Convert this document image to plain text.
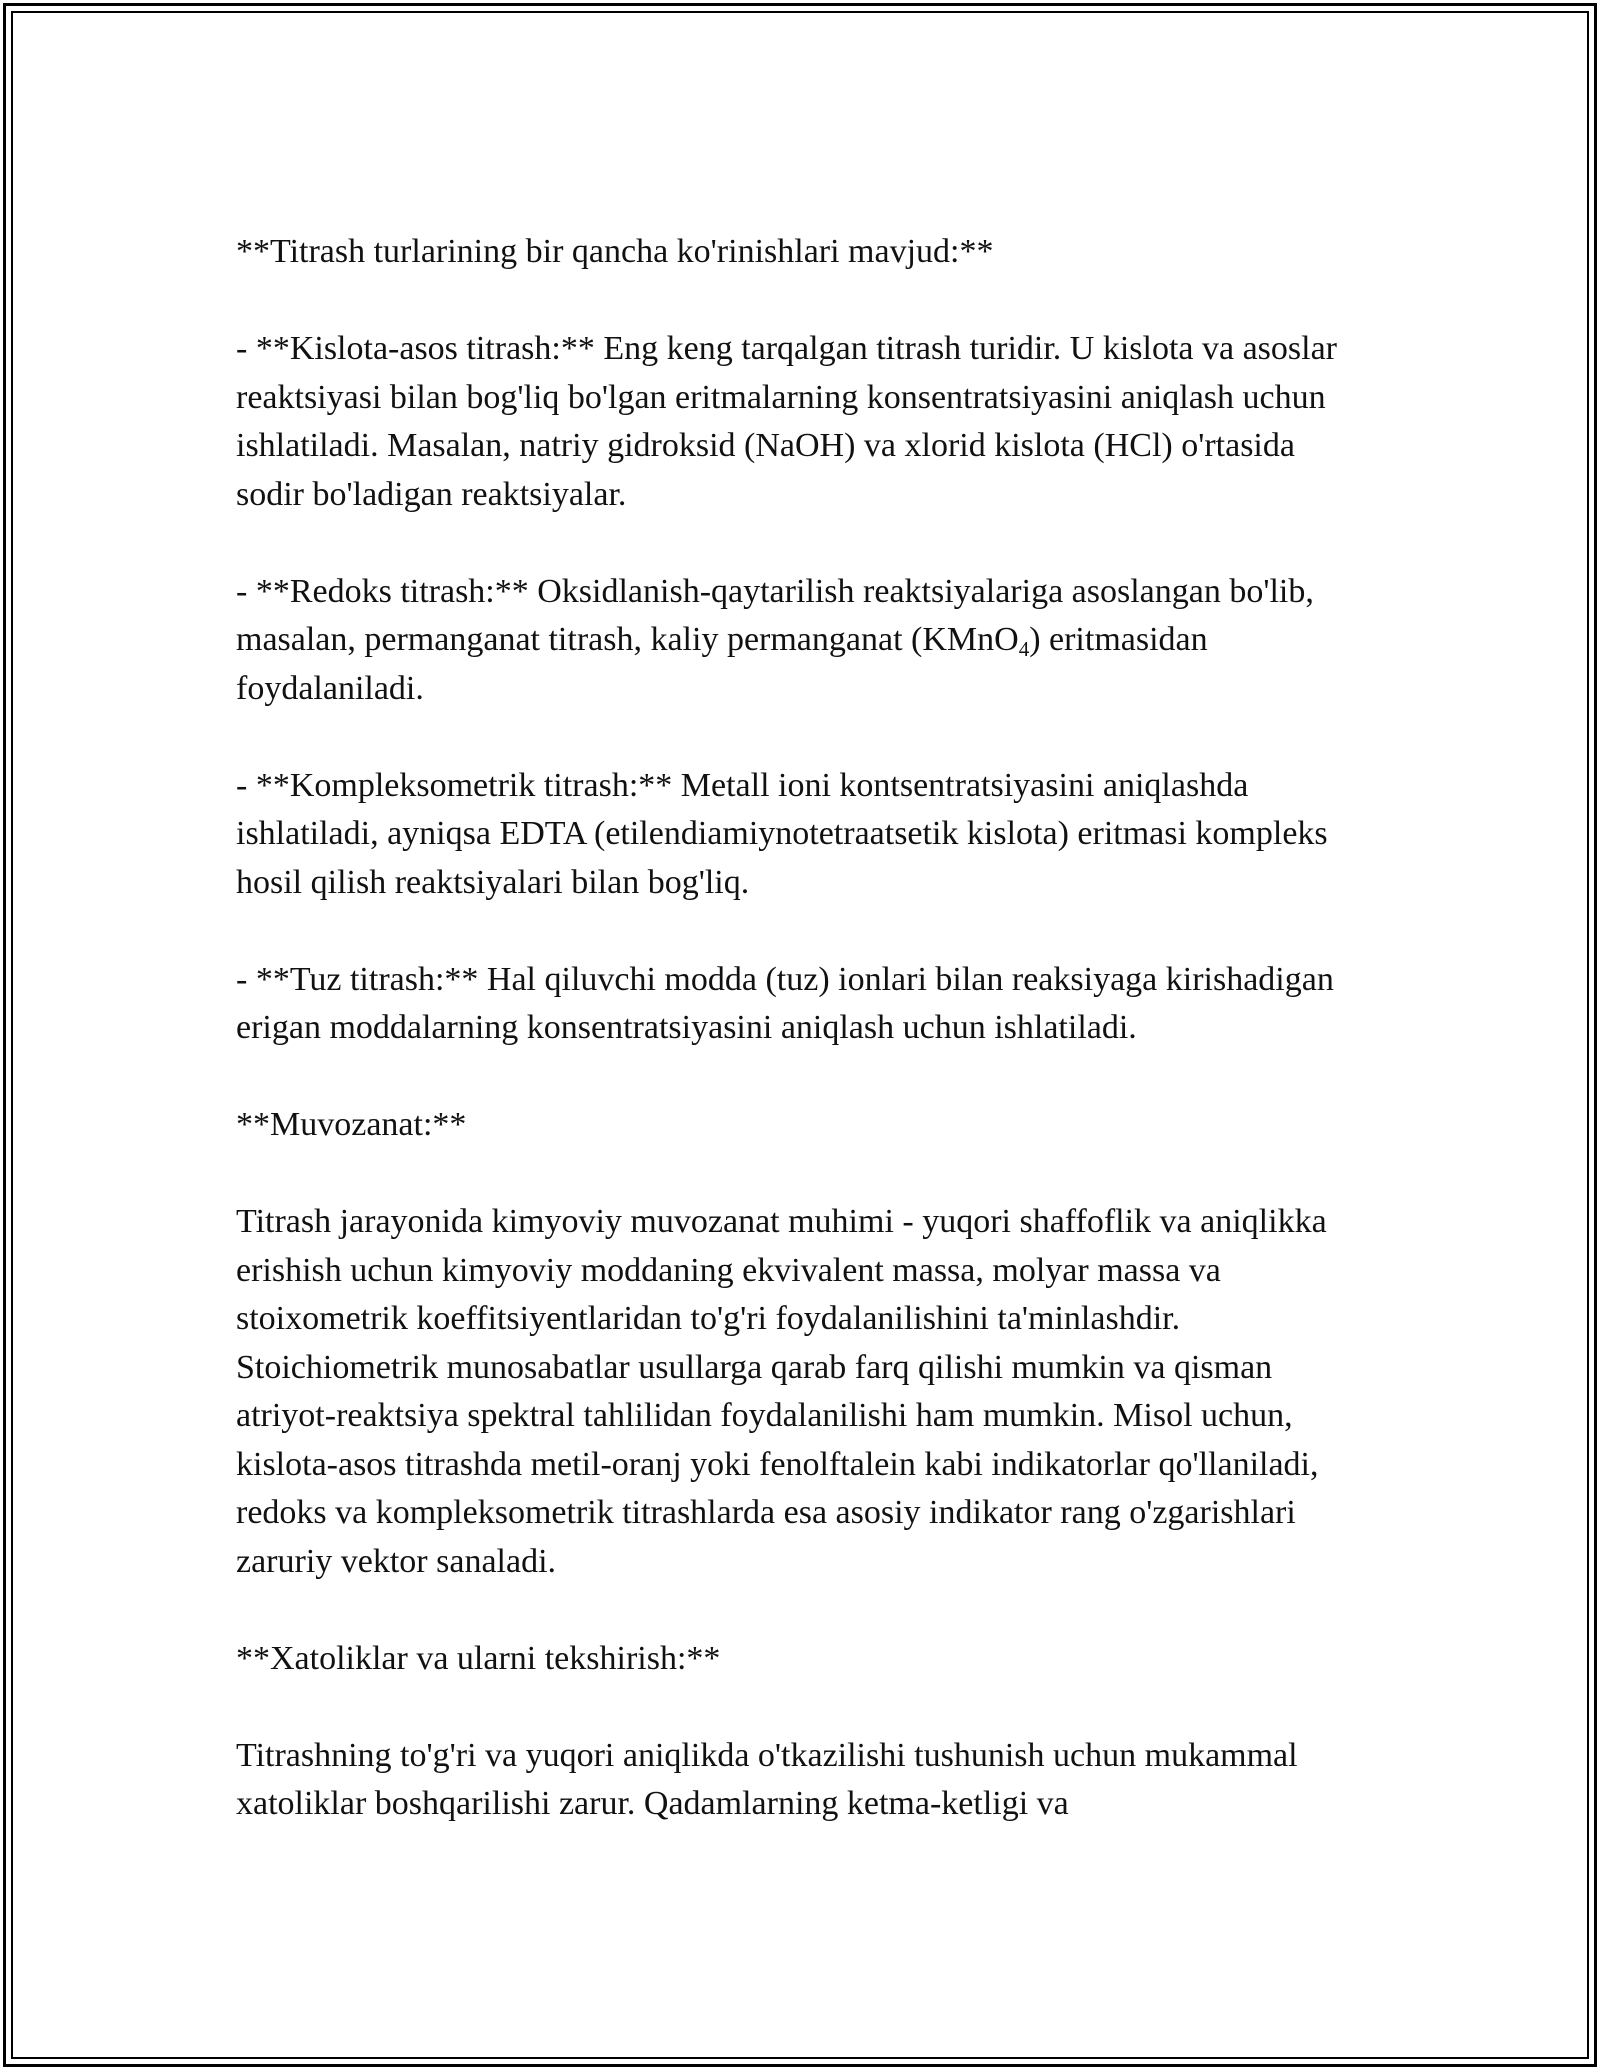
**Titrash turlarining bir qancha ko'rinishlari mavjud:**

- **Kislota-asos titrash:** Eng keng tarqalgan titrash turidir. U kislota va asoslar reaktsiyasi bilan bog'liq bo'lgan eritmalarning konsentratsiyasini aniqlash uchun ishlatiladi. Masalan, natriy gidroksid (NaOH) va xlorid kislota (HCl) o'rtasida sodir bo'ladigan reaktsiyalar.

- **Redoks titrash:** Oksidlanish-qaytarilish reaktsiyalariga asoslangan bo'lib, masalan, permanganat titrash, kaliy permanganat (KMnO$_4$) eritmasidan foydalaniladi.

- **Kompleksometrik titrash:** Metall ioni kontsentratsiyasini aniqlashda ishlatiladi, ayniqsa EDTA (etilendiamiynotetraatsetik kislota) eritmasi kompleks hosil qilish reaktsiyalari bilan bog'liq.

- **Tuz titrash:** Hal qiluvchi modda (tuz) ionlari bilan reaksiyaga kirishadigan erigan moddalarning konsentratsiyasini aniqlash uchun ishlatiladi.

**Muvozanat:**

Titrash jarayonida kimyoviy muvozanat muhimi - yuqori shaffoflik va aniqlikka erishish uchun kimyoviy moddaning ekvivalent massa, molyar massa va stoixometrik koeffitsiyentlaridan to'g'ri foydalanilishini ta'minlashdir. Stoichiometrik munosabatlar usullarga qarab farq qilishi mumkin va qisman atriyot-reaktsiya spektral tahlilidan foydalanilishi ham mumkin. Misol uchun, kislota-asos titrashda metil-oranj yoki fenolftalein kabi indikatorlar qo'llaniladi, redoks va kompleksometrik titrashlarda esa asosiy indikator rang o'zgarishlari zaruriy vektor sanaladi.

**Xatoliklar va ularni tekshirish:**

Titrashning to'g'ri va yuqori aniqlikda o'tkazilishi tushunish uchun mukammal xatoliklar boshqarilishi zarur. Qadamlarning ketma-ketligi va
